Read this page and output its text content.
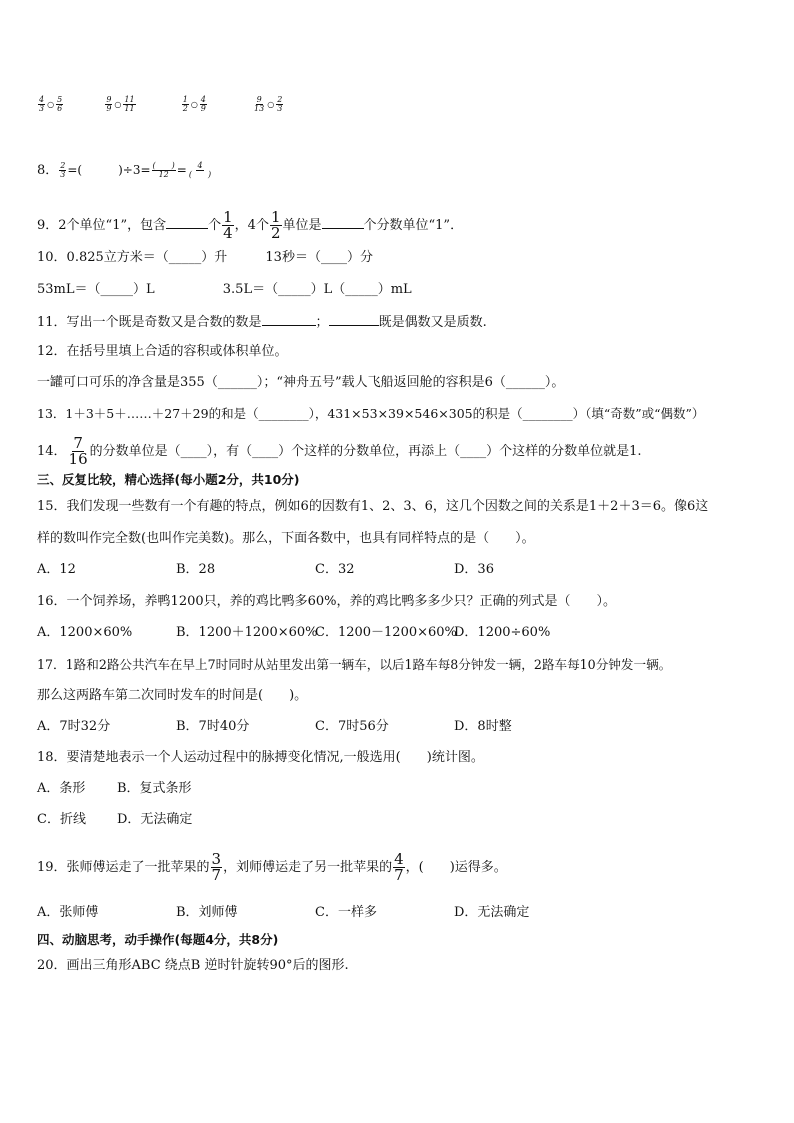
$\frac{4}{3}$ ○ $\frac{5}{6}$
	$\frac{9}{9}$ ○ $\frac{11}{11}$
	$\frac{1}{2}$ ○ $\frac{4}{9}$
	$\frac{9}{13}$ ○ $\frac{2}{3}$
8． $\frac{2}{3}$ =(　　　)$\div 3= \frac{( )}{12} = \frac{4}{( )}$
9．2个单位“1”，包含	个 $\frac{1}{4}$ ，4个 $\frac{1}{2}$ 单位是	个分数单位“1”．
10．0.825立方米＝（_____）升	13秒＝（____）分
53mL＝（_____）L	3.5L＝（_____）L（_____）mL
11．写出一个既是奇数又是合数的数是	；	既是偶数又是质数.
12．在括号里填上合适的容积或体积单位。
一罐可口可乐的净含量是355（______）；“神舟五号”载人飞船返回舱的容积是6（______）。
13．1＋3＋5＋……＋27＋29的和是（________），431×53×39×546×305的积是（________）（填“奇数”或“偶数”）
14． $\frac{7}{16}$ 的分数单位是（____），有（____）个这样的分数单位，再添上（____）个这样的分数单位就是1.
三、反复比较，精心选择(每小题2分，共10分)
15．我们发现一些数有一个有趣的特点，例如6的因数有1、2、3、6，这几个因数之间的关系是1＋2＋3＝6。像6这
样的数叫作完全数(也叫作完美数)。那么，下面各数中，也具有同样特点的是（　　）。
A．12	B．28	C．32	D．36
16．一个饲养场，养鸭1200只，养的鸡比鸭多60%，养的鸡比鸭多多少只？正确的列式是（　　）。
A．1200×60%	B．1200＋1200×60%
C．1200－1200×60%
D．1200÷60%
17．1路和2路公共汽车在早上7时同时从站里发出第一辆车，以后1路车每8分钟发一辆，2路车每10分钟发一辆。
那么这两路车第二次同时发车的时间是(　　)。
A．7时32分	B．7时40分	C．7时56分	D．8时整
18．要清楚地表示一个人运动过程中的脉搏变化情况,一般选用(　　)统计图。
A．条形 B．复式条形
C．折线 D．无法确定
19．张师傅运走了一批苹果的 $\frac{3}{7}$ ，刘师傅运走了另一批苹果的 $\frac{4}{7}$ ，(　　)运得多。
A．张师傅	B．刘师傅	C．一样多	D．无法确定
四、动脑思考，动手操作(每题4分，共8分)
20．画出三角形ABC 绕点B 逆时针旋转90°后的图形.
